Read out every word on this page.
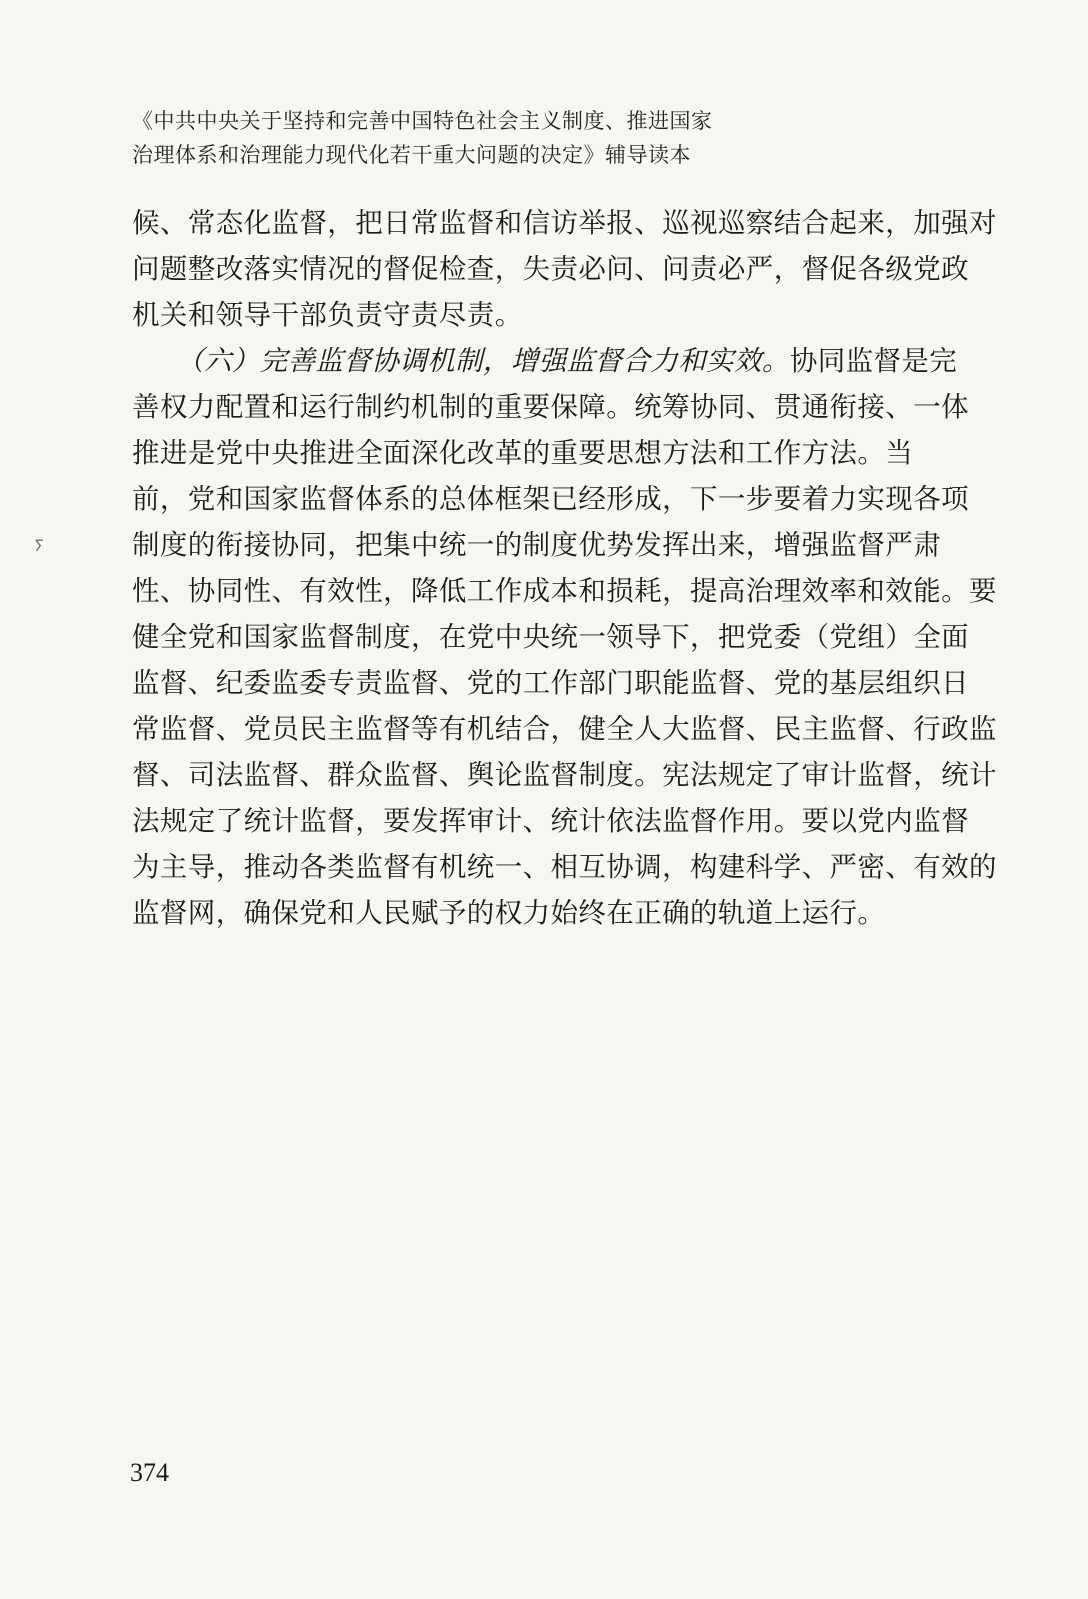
《中共中央关于坚持和完善中国特色社会主义制度、推进国家
治理体系和治理能力现代化若干重大问题的决定》辅导读本
ⵢ
候、常态化监督，把日常监督和信访举报、巡视巡察结合起来，加强对
问题整改落实情况的督促检查，失责必问、问责必严，督促各级党政
机关和领导干部负责守责尽责。
（六）完善监督协调机制，增强监督合力和实效。协同监督是完
善权力配置和运行制约机制的重要保障。统筹协同、贯通衔接、一体
推进是党中央推进全面深化改革的重要思想方法和工作方法。当
前，党和国家监督体系的总体框架已经形成，下一步要着力实现各项
制度的衔接协同，把集中统一的制度优势发挥出来，增强监督严肃
性、协同性、有效性，降低工作成本和损耗，提高治理效率和效能。要
健全党和国家监督制度，在党中央统一领导下，把党委（党组）全面
监督、纪委监委专责监督、党的工作部门职能监督、党的基层组织日
常监督、党员民主监督等有机结合，健全人大监督、民主监督、行政监
督、司法监督、群众监督、舆论监督制度。宪法规定了审计监督，统计
法规定了统计监督，要发挥审计、统计依法监督作用。要以党内监督
为主导，推动各类监督有机统一、相互协调，构建科学、严密、有效的
监督网，确保党和人民赋予的权力始终在正确的轨道上运行。
374
